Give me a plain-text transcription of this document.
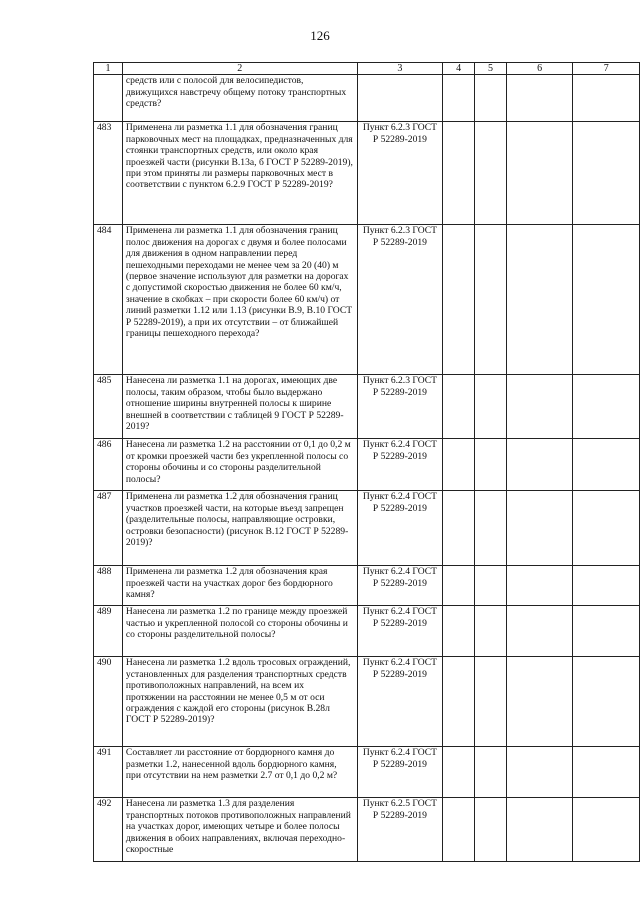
126
1	2	3	4	5	6	7
	средств или с полосой для велосипедистов, движущихся навстречу общему потоку транспортных средств?					
483	Применена ли разметка 1.1 для обозначения границ парковочных мест на площадках, предназначенных для стоянки транспортных средств, или около края проезжей части (рисунки В.13а, б ГОСТ Р 52289-2019), при этом приняты ли размеры парковочных мест в соответствии с пунктом 6.2.9 ГОСТ Р 52289-2019?	Пункт 6.2.3 ГОСТ Р 52289-2019				
484	Применена ли разметка 1.1 для обозначения границ полос движения на дорогах с двумя и более полосами для движения в одном направлении перед пешеходными переходами не менее чем за 20 (40) м (первое значение используют для разметки на дорогах с допустимой скоростью движения не более 60 км/ч, значение в скобках – при скорости более 60 км/ч) от линий разметки 1.12 или 1.13 (рисунки В.9, В.10 ГОСТ Р 52289-2019), а при их отсутствии – от ближайшей границы пешеходного перехода?	Пункт 6.2.3 ГОСТ Р 52289-2019				
485	Нанесена ли разметка 1.1 на дорогах, имеющих две полосы, таким образом, чтобы было выдержано отношение ширины внутренней полосы к ширине внешней в соответствии с таблицей 9 ГОСТ Р 52289-2019?	Пункт 6.2.3 ГОСТ Р 52289-2019				
486	Нанесена ли разметка 1.2 на расстоянии от 0,1 до 0,2 м от кромки проезжей части без укрепленной полосы со стороны обочины и со стороны разделительной полосы?	Пункт 6.2.4 ГОСТ Р 52289-2019				
487	Применена ли разметка 1.2 для обозначения границ участков проезжей части, на которые въезд запрещен (разделительные полосы, направляющие островки, островки безопасности) (рисунок В.12 ГОСТ Р 52289-2019)?	Пункт 6.2.4 ГОСТ Р 52289-2019				
488	Применена ли разметка 1.2 для обозначения края проезжей части на участках дорог без бордюрного камня?	Пункт 6.2.4 ГОСТ Р 52289-2019				
489	Нанесена ли разметка 1.2 по границе между проезжей частью и укрепленной полосой со стороны обочины и со стороны разделительной полосы?	Пункт 6.2.4 ГОСТ Р 52289-2019				
490	Нанесена ли разметка 1.2 вдоль тросовых ограждений, установленных для разделения транспортных средств противоположных направлений, на всем их протяжении на расстоянии не менее 0,5 м от оси ограждения с каждой его стороны (рисунок В.28л ГОСТ Р 52289-2019)?	Пункт 6.2.4 ГОСТ Р 52289-2019				
491	Составляет ли расстояние от бордюрного камня до разметки 1.2, нанесенной вдоль бордюрного камня, при отсутствии на нем разметки 2.7 от 0,1 до 0,2 м?	Пункт 6.2.4 ГОСТ Р 52289-2019				
492	Нанесена ли разметка 1.3 для разделения транспортных потоков противоположных направлений на участках дорог, имеющих четыре и более полосы движения в обоих направлениях, включая переходно-скоростные	Пункт 6.2.5 ГОСТ Р 52289-2019				
